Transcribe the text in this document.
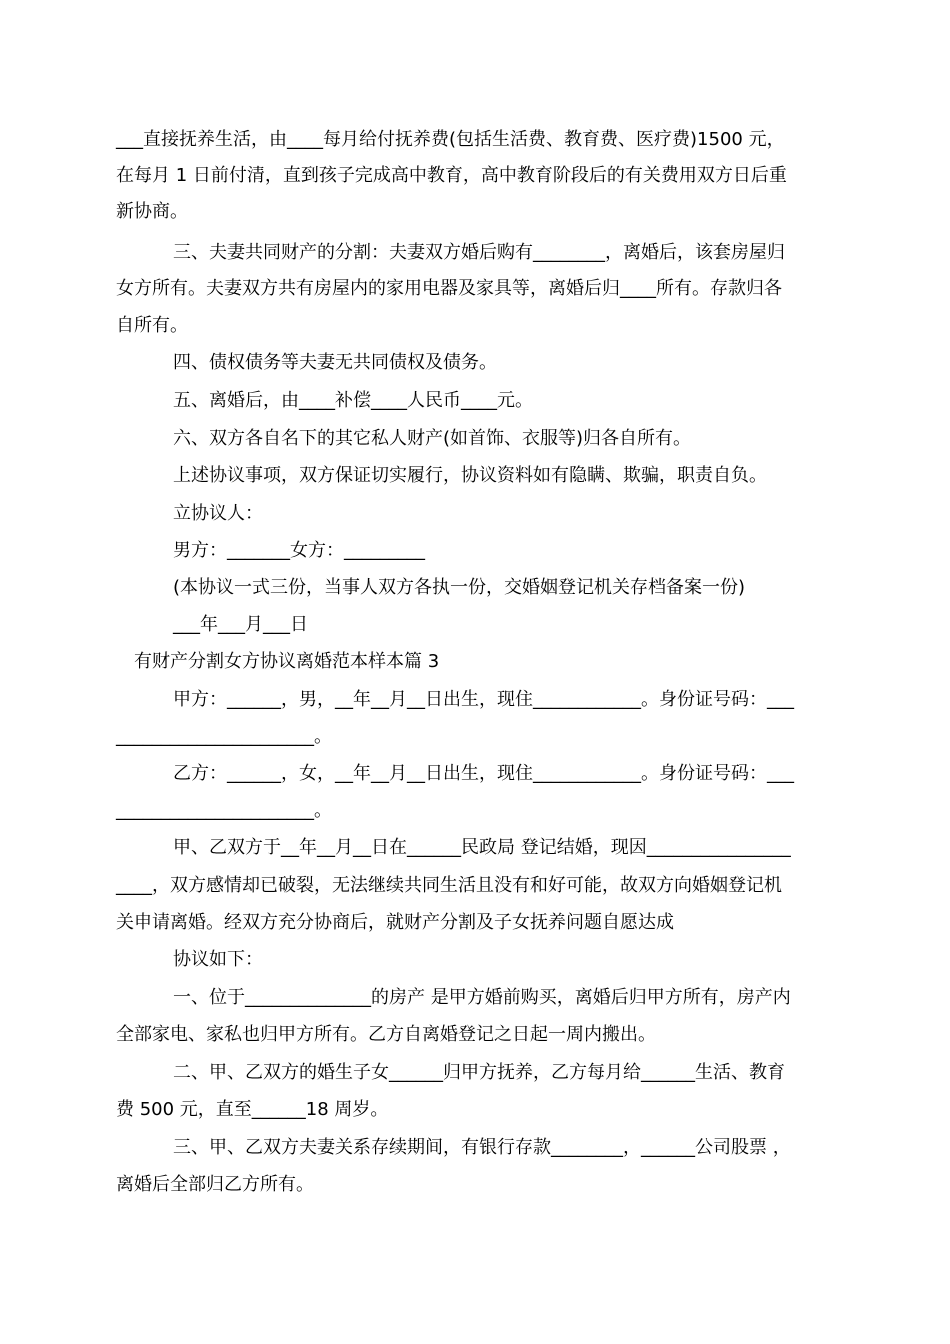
___直接抚养生活，由____每月给付抚养费(包括生活费、教育费、医疗费)1500 元，
在每月 1 日前付清，直到孩子完成高中教育，高中教育阶段后的有关费用双方日后重
新协商。
三、夫妻共同财产的分割：夫妻双方婚后购有________，离婚后，该套房屋归
女方所有。夫妻双方共有房屋内的家用电器及家具等，离婚后归____所有。存款归各
自所有。
四、债权债务等夫妻无共同债权及债务。
五、离婚后，由____补偿____人民币____元。
六、双方各自名下的其它私人财产(如首饰、衣服等)归各自所有。
上述协议事项，双方保证切实履行，协议资料如有隐瞒、欺骗，职责自负。
立协议人：
男方：_______女方：_________
(本协议一式三份，当事人双方各执一份，交婚姻登记机关存档备案一份)
___年___月___日
有财产分割女方协议离婚范本样本篇 3
甲方：______，男，__年__月__日出生，现住____________。身份证号码：___
______________________。
乙方：______，女，__年__月__日出生，现住____________。身份证号码：___
______________________。
甲、乙双方于__年__月__日在______民政局 登记结婚，现因________________
____，双方感情却已破裂，无法继续共同生活且没有和好可能，故双方向婚姻登记机
关申请离婚。经双方充分协商后，就财产分割及子女抚养问题自愿达成
协议如下：
一、位于______________的房产 是甲方婚前购买，离婚后归甲方所有，房产内
全部家电、家私也归甲方所有。乙方自离婚登记之日起一周内搬出。
二、甲、乙双方的婚生子女______归甲方抚养，乙方每月给______生活、教育
费 500 元，直至______18 周岁。
三、甲、乙双方夫妻关系存续期间，有银行存款________，______公司股票 ，
离婚后全部归乙方所有。
